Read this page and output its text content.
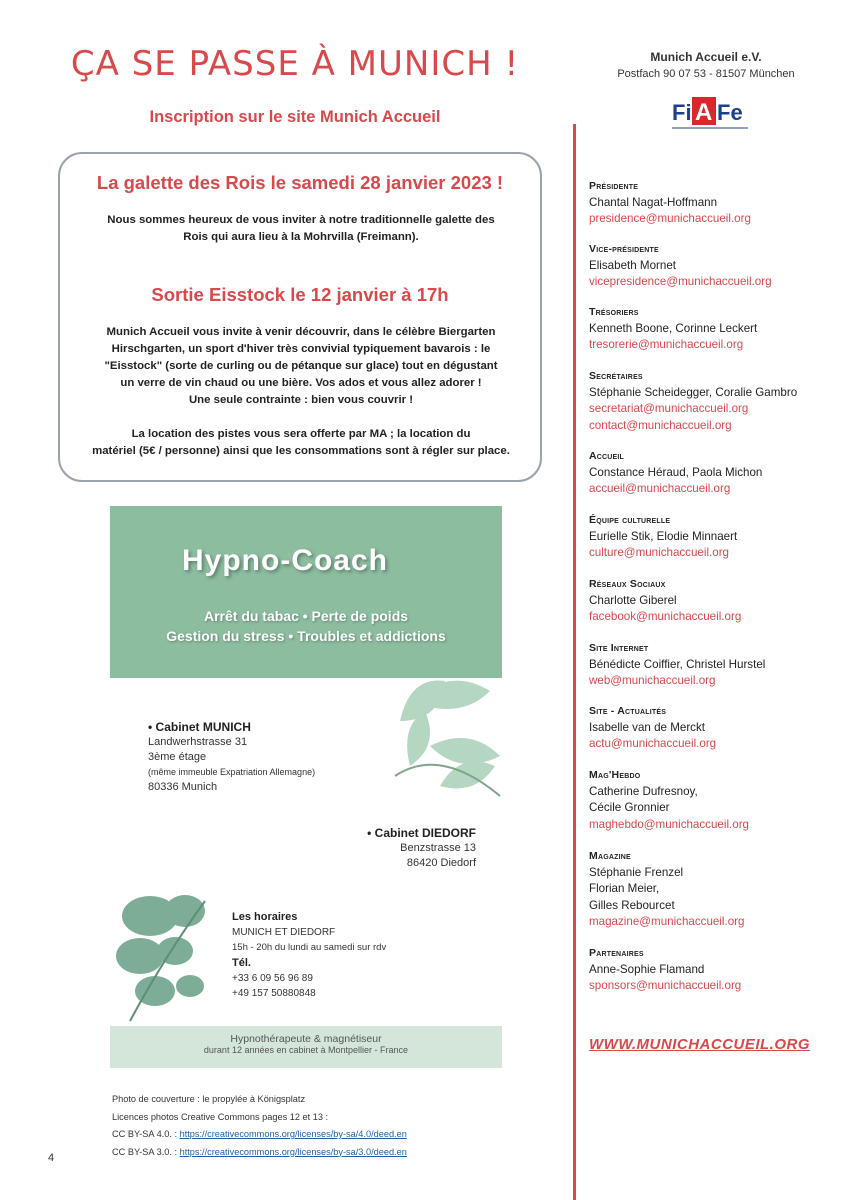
ÇA SE PASSE À MUNICH !
Inscription sur le site Munich Accueil
La galette des Rois le samedi 28 janvier 2023 !
Nous sommes heureux de vous inviter à notre traditionnelle galette des
Rois qui aura lieu à la Mohrvilla (Freimann).
Sortie Eisstock le 12 janvier à 17h
Munich Accueil vous invite à venir découvrir, dans le célèbre Biergarten
Hirschgarten, un sport d'hiver très convivial typiquement bavarois : le
"Eisstock" (sorte de curling ou de pétanque sur glace) tout en dégustant
un verre de vin chaud ou une bière. Vos ados et vous allez adorer !
Une seule contrainte : bien vous couvrir !
La location des pistes vous sera offerte par MA ; la location du
matériel (5€ / personne) ainsi que les consommations sont à régler sur place.
Hypno-Coach
Arrêt du tabac • Perte de poids
Gestion du stress • Troubles et addictions
• Cabinet MUNICH
Landwerhstrasse 31
3ème étage
(même immeuble Expatriation Allemagne)
80336 Munich
• Cabinet DIEDORF
Benzstrasse 13
86420 Diedorf
Les horaires
MUNICH ET DIEDORF
15h - 20h du lundi au samedi sur rdv
Tél.
+33 6 09 56 96 89
+49 157 50880848
Hypnothérapeute & magnétiseur
durant 12 années en cabinet à Montpellier - France
Photo de couverture : le propylée à Königsplatz
Licences photos Creative Commons pages 12 et 13 :
CC BY-SA 4.0. : https://creativecommons.org/licenses/by-sa/4.0/deed.en
CC BY-SA 3.0. : https://creativecommons.org/licenses/by-sa/3.0/deed.en
4
Munich Accueil e.V.
Postfach 90 07 53 - 81507 München
Fi A Fe
Présidente
Chantal Nagat-Hoffmann
presidence@munichaccueil.org
Vice-présidente
Elisabeth Mornet
vicepresidence@munichaccueil.org
Trésoriers
Kenneth Boone, Corinne Leckert
tresorerie@munichaccueil.org
Secrétaires
Stéphanie Scheidegger, Coralie Gambro
secretariat@munichaccueil.org
contact@munichaccueil.org
Accueil
Constance Héraud, Paola Michon
accueil@munichaccueil.org
Équipe culturelle
Eurielle Stik, Elodie Minnaert
culture@munichaccueil.org
Réseaux Sociaux
Charlotte Giberel
facebook@munichaccueil.org
Site Internet
Bénédicte Coiffier, Christel Hurstel
web@munichaccueil.org
Site - Actualités
Isabelle van de Merckt
actu@munichaccueil.org
Mag'Hebdo
Catherine Dufresnoy,
Cécile Gronnier
maghebdo@munichaccueil.org
Magazine
Stéphanie Frenzel
Florian Meier,
Gilles Rebourcet
magazine@munichaccueil.org
Partenaires
Anne-Sophie Flamand
sponsors@munichaccueil.org
WWW.MUNICHACCUEIL.ORG
